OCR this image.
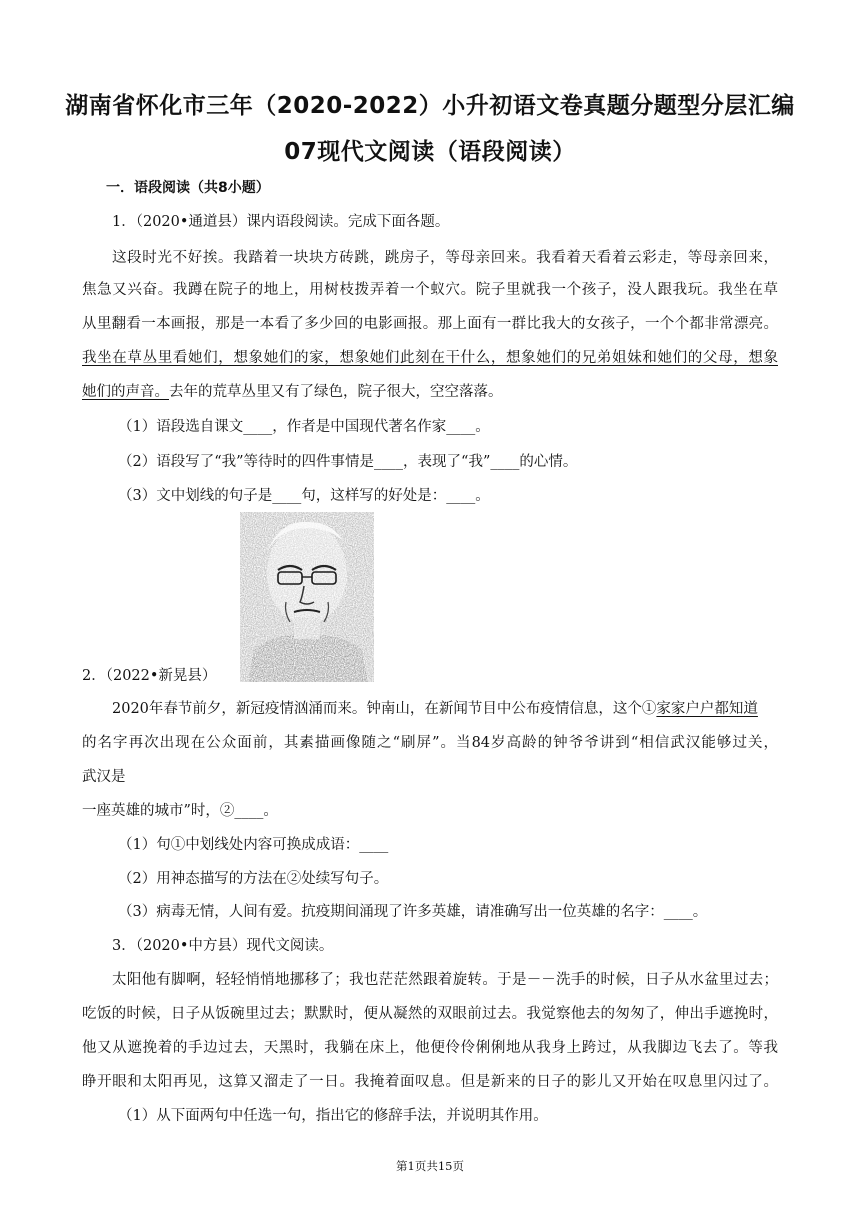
湖南省怀化市三年（2020-2022）小升初语文卷真题分题型分层汇编
07现代文阅读（语段阅读）
一．语段阅读（共8小题）
1．（2020•通道县）课内语段阅读。完成下面各题。
这段时光不好挨。我踏着一块块方砖跳，跳房子，等母亲回来。我看着天看着云彩走，等母亲回来，
焦急又兴奋。我蹲在院子的地上，用树枝拨弄着一个蚁穴。院子里就我一个孩子，没人跟我玩。我坐在草
从里翻看一本画报，那是一本看了多少回的电影画报。那上面有一群比我大的女孩子，一个个都非常漂亮。
我坐在草丛里看她们，想象她们的家，想象她们此刻在干什么，想象她们的兄弟姐妹和她们的父母，想象
她们的声音。去年的荒草丛里又有了绿色，院子很大，空空落落。
（1）语段选自课文____，作者是中国现代著名作家____。
（2）语段写了“我”等待时的四件事情是____，表现了“我”____的心情。
（3）文中划线的句子是____句，这样写的好处是：____。
2．（2022•新晃县）
2020年春节前夕，新冠疫情汹涌而来。钟南山，在新闻节目中公布疫情信息，这个①家家户户都知道
的名字再次出现在公众面前，其素描画像随之“刷屏”。当84岁高龄的钟爷爷讲到“相信武汉能够过关，
武汉是
一座英雄的城市”时，②____。
（1）句①中划线处内容可换成成语：____
（2）用神态描写的方法在②处续写句子。
（3）病毒无情，人间有爱。抗疫期间涌现了许多英雄，请准确写出一位英雄的名字：____。
3．（2020•中方县）现代文阅读。
太阳他有脚啊，轻轻悄悄地挪移了；我也茫茫然跟着旋转。于是－－洗手的时候，日子从水盆里过去；
吃饭的时候，日子从饭碗里过去；默默时，便从凝然的双眼前过去。我觉察他去的匆匆了，伸出手遮挽时，
他又从遮挽着的手边过去，天黑时，我躺在床上，他便伶伶俐俐地从我身上跨过，从我脚边飞去了。等我
睁开眼和太阳再见，这算又溜走了一日。我掩着面叹息。但是新来的日子的影儿又开始在叹息里闪过了。
（1）从下面两句中任选一句，指出它的修辞手法，并说明其作用。
第1页共15页
